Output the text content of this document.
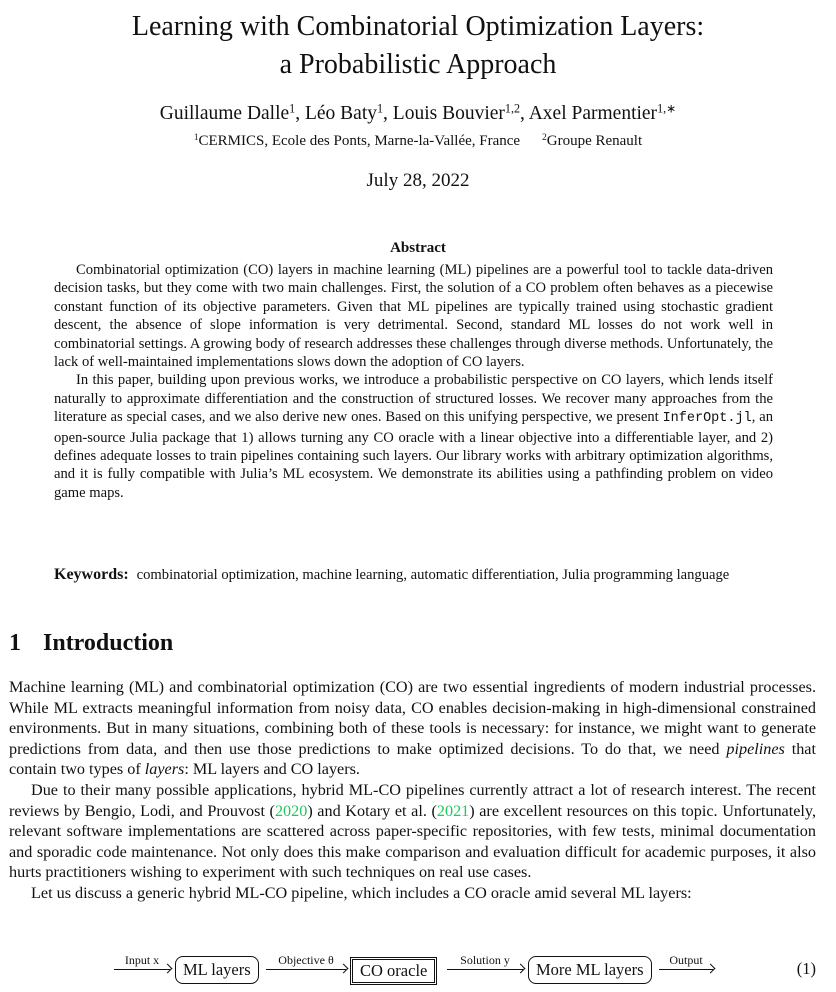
Learning with Combinatorial Optimization Layers:
a Probabilistic Approach
Guillaume Dalle$^1$, Léo Baty$^1$, Louis Bouvier$^{1,2}$, Axel Parmentier$^{1,∗}$
$^1$CERMICS, Ecole des Ponts, Marne-la-Vallée, France $^2$Groupe Renault
July 28, 2022
Abstract

Combinatorial optimization (CO) layers in machine learning (ML) pipelines are a powerful tool to tackle data-driven decision tasks, but they come with two main challenges. First, the solution of a CO problem often behaves as a piecewise constant function of its objective parameters. Given that ML pipelines are typically trained using stochastic gradient descent, the absence of slope information is very detrimental. Second, standard ML losses do not work well in combinatorial settings. A growing body of research addresses these challenges through diverse methods. Unfortunately, the lack of well-maintained implementations slows down the adoption of CO layers.

In this paper, building upon previous works, we introduce a probabilistic perspective on CO layers, which lends itself naturally to approximate differentiation and the construction of structured losses. We recover many approaches from the literature as special cases, and we also derive new ones. Based on this unifying perspective, we present InferOpt.jl, an open-source Julia package that 1) allows turning any CO oracle with a linear objective into a differentiable layer, and 2) defines adequate losses to train pipelines containing such layers. Our library works with arbitrary optimization algorithms, and it is fully compatible with Julia’s ML ecosystem. We demonstrate its abilities using a pathfinding problem on video game maps.

Keywords: combinatorial optimization, machine learning, automatic differentiation, Julia programming language
1 Introduction

Machine learning (ML) and combinatorial optimization (CO) are two essential ingredients of modern industrial processes. While ML extracts meaningful information from noisy data, CO enables decision-making in high-dimensional constrained environments. But in many situations, combining both of these tools is necessary: for instance, we might want to generate predictions from data, and then use those predictions to make optimized decisions. To do that, we need pipelines that contain two types of layers: ML layers and CO layers.

Due to their many possible applications, hybrid ML-CO pipelines currently attract a lot of research interest. The recent reviews by Bengio, Lodi, and Prouvost (2020) and Kotary et al. (2021) are excellent resources on this topic. Unfortunately, relevant software implementations are scattered across paper-specific repositories, with few tests, minimal documentation and sporadic code maintenance. Not only does this make comparison and evaluation difficult for academic purposes, it also hurts practitioners wishing to experiment with such techniques on real use cases.

Let us discuss a generic hybrid ML-CO pipeline, which includes a CO oracle amid several ML layers:

Input x	ML layers	Objective θ
CO oracle
Solution y	More ML layers	Output	(1)
